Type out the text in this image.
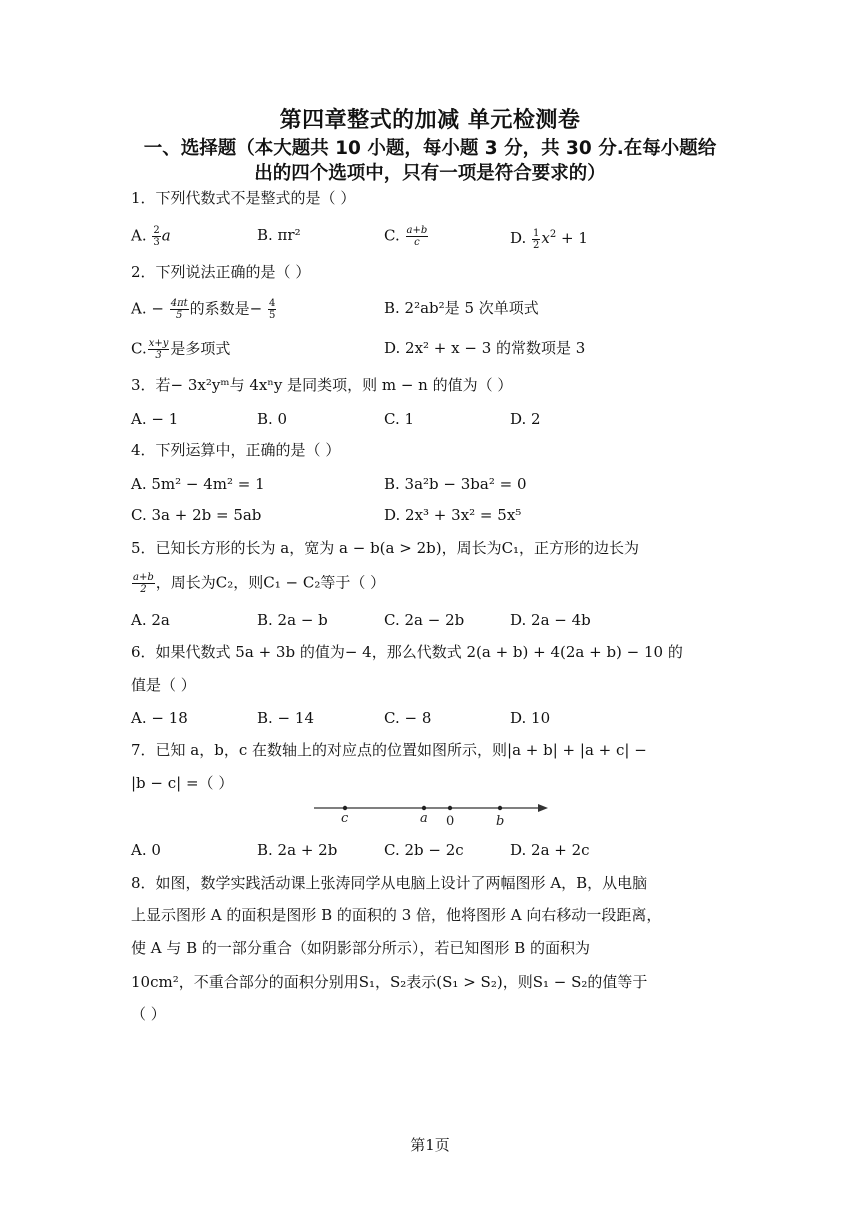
第四章整式的加减 单元检测卷
一、选择题（本大题共 10 小题，每小题 3 分，共 30 分.在每小题给
出的四个选项中，只有一项是符合要求的）
1．下列代数式不是整式的是（ ）
A. $\frac{2}{3}$ a	B. πr²	C. $\frac{a+b}{c}$	D. $\frac{1}{2} x^2 + 1$
2．下列说法正确的是（ ）
A. − $\frac{4\pi t}{5}$ 的系数是− $\frac{4}{5}$	B. 2²ab²是 5 次单项式
C. $\frac{x+y}{3}$ 是多项式	D. 2x² + x − 3 的常数项是 3
3．若− 3x²yᵐ与 4xⁿy 是同类项，则 m − n 的值为（ ）
A. − 1	B. 0	C. 1	D. 2
4．下列运算中，正确的是（ ）
A. 5m² − 4m² = 1	B. 3a²b − 3ba² = 0
C. 3a + 2b = 5ab	D. 2x³ + 3x² = 5x⁵
5．已知长方形的长为 a，宽为 a − b(a > 2b)，周长为C₁，正方形的边长为
$\frac{a+b}{2}$ ，周长为C₂，则C₁ − C₂等于（ ）
A. 2a	B. 2a − b	C. 2a − 2b	D. 2a − 4b
6．如果代数式 5a + 3b 的值为− 4，那么代数式 2(a + b) + 4(2a + b) − 10 的
值是（ ）
A. − 18	B. − 14	C. − 8	D. 10
7．已知 a，b，c 在数轴上的对应点的位置如图所示，则|a + b| + |a + c| −
|b − c| =（ ）
c	a 0	b
A. 0	B. 2a + 2b	C. 2b − 2c	D. 2a + 2c
8．如图，数学实践活动课上张涛同学从电脑上设计了两幅图形 A，B，从电脑
上显示图形 A 的面积是图形 B 的面积的 3 倍，他将图形 A 向右移动一段距离，
使 A 与 B 的一部分重合（如阴影部分所示），若已知图形 B 的面积为
10cm²，不重合部分的面积分别用S₁，S₂表示(S₁ > S₂)，则S₁ − S₂的值等于
（ ）
第1页
